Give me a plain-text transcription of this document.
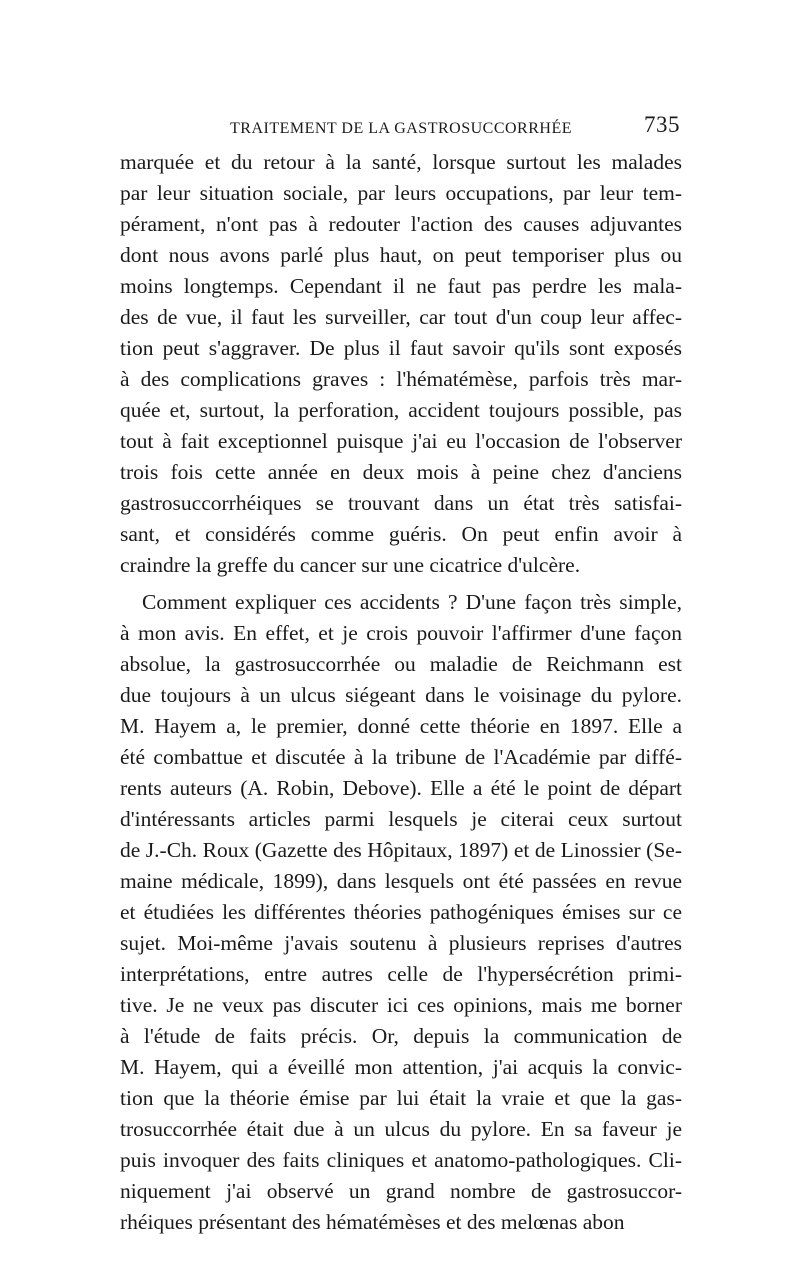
TRAITEMENT DE LA GASTROSUCCORRHÉE	735
marquée et du retour à la santé, lorsque surtout les malades
par leur situation sociale, par leurs occupations, par leur tem-
pérament, n'ont pas à redouter l'action des causes adjuvantes
dont nous avons parlé plus haut, on peut temporiser plus ou
moins longtemps. Cependant il ne faut pas perdre les mala-
des de vue, il faut les surveiller, car tout d'un coup leur affec-
tion peut s'aggraver. De plus il faut savoir qu'ils sont exposés
à des complications graves : l'hématémèse, parfois très mar-
quée et, surtout, la perforation, accident toujours possible, pas
tout à fait exceptionnel puisque j'ai eu l'occasion de l'observer
trois fois cette année en deux mois à peine chez d'anciens
gastrosuccorrhéiques se trouvant dans un état très satisfai-
sant, et considérés comme guéris. On peut enfin avoir à
craindre la greffe du cancer sur une cicatrice d'ulcère.
Comment expliquer ces accidents ? D'une façon très simple,
à mon avis. En effet, et je crois pouvoir l'affirmer d'une façon
absolue, la gastrosuccorrhée ou maladie de Reichmann est
due toujours à un ulcus siégeant dans le voisinage du pylore.
M. Hayem a, le premier, donné cette théorie en 1897. Elle a
été combattue et discutée à la tribune de l'Académie par diffé-
rents auteurs (A. Robin, Debove). Elle a été le point de départ
d'intéressants articles parmi lesquels je citerai ceux surtout
de J.-Ch. Roux (Gazette des Hôpitaux, 1897) et de Linossier (Se-
maine médicale, 1899), dans lesquels ont été passées en revue
et étudiées les différentes théories pathogéniques émises sur ce
sujet. Moi-même j'avais soutenu à plusieurs reprises d'autres
interprétations, entre autres celle de l'hypersécrétion primi-
tive. Je ne veux pas discuter ici ces opinions, mais me borner
à l'étude de faits précis. Or, depuis la communication de
M. Hayem, qui a éveillé mon attention, j'ai acquis la convic-
tion que la théorie émise par lui était la vraie et que la gas-
trosuccorrhée était due à un ulcus du pylore. En sa faveur je
puis invoquer des faits cliniques et anatomo-pathologiques. Cli-
niquement j'ai observé un grand nombre de gastrosuccor-
rhéiques présentant des hématémèses et des melœnas abon
